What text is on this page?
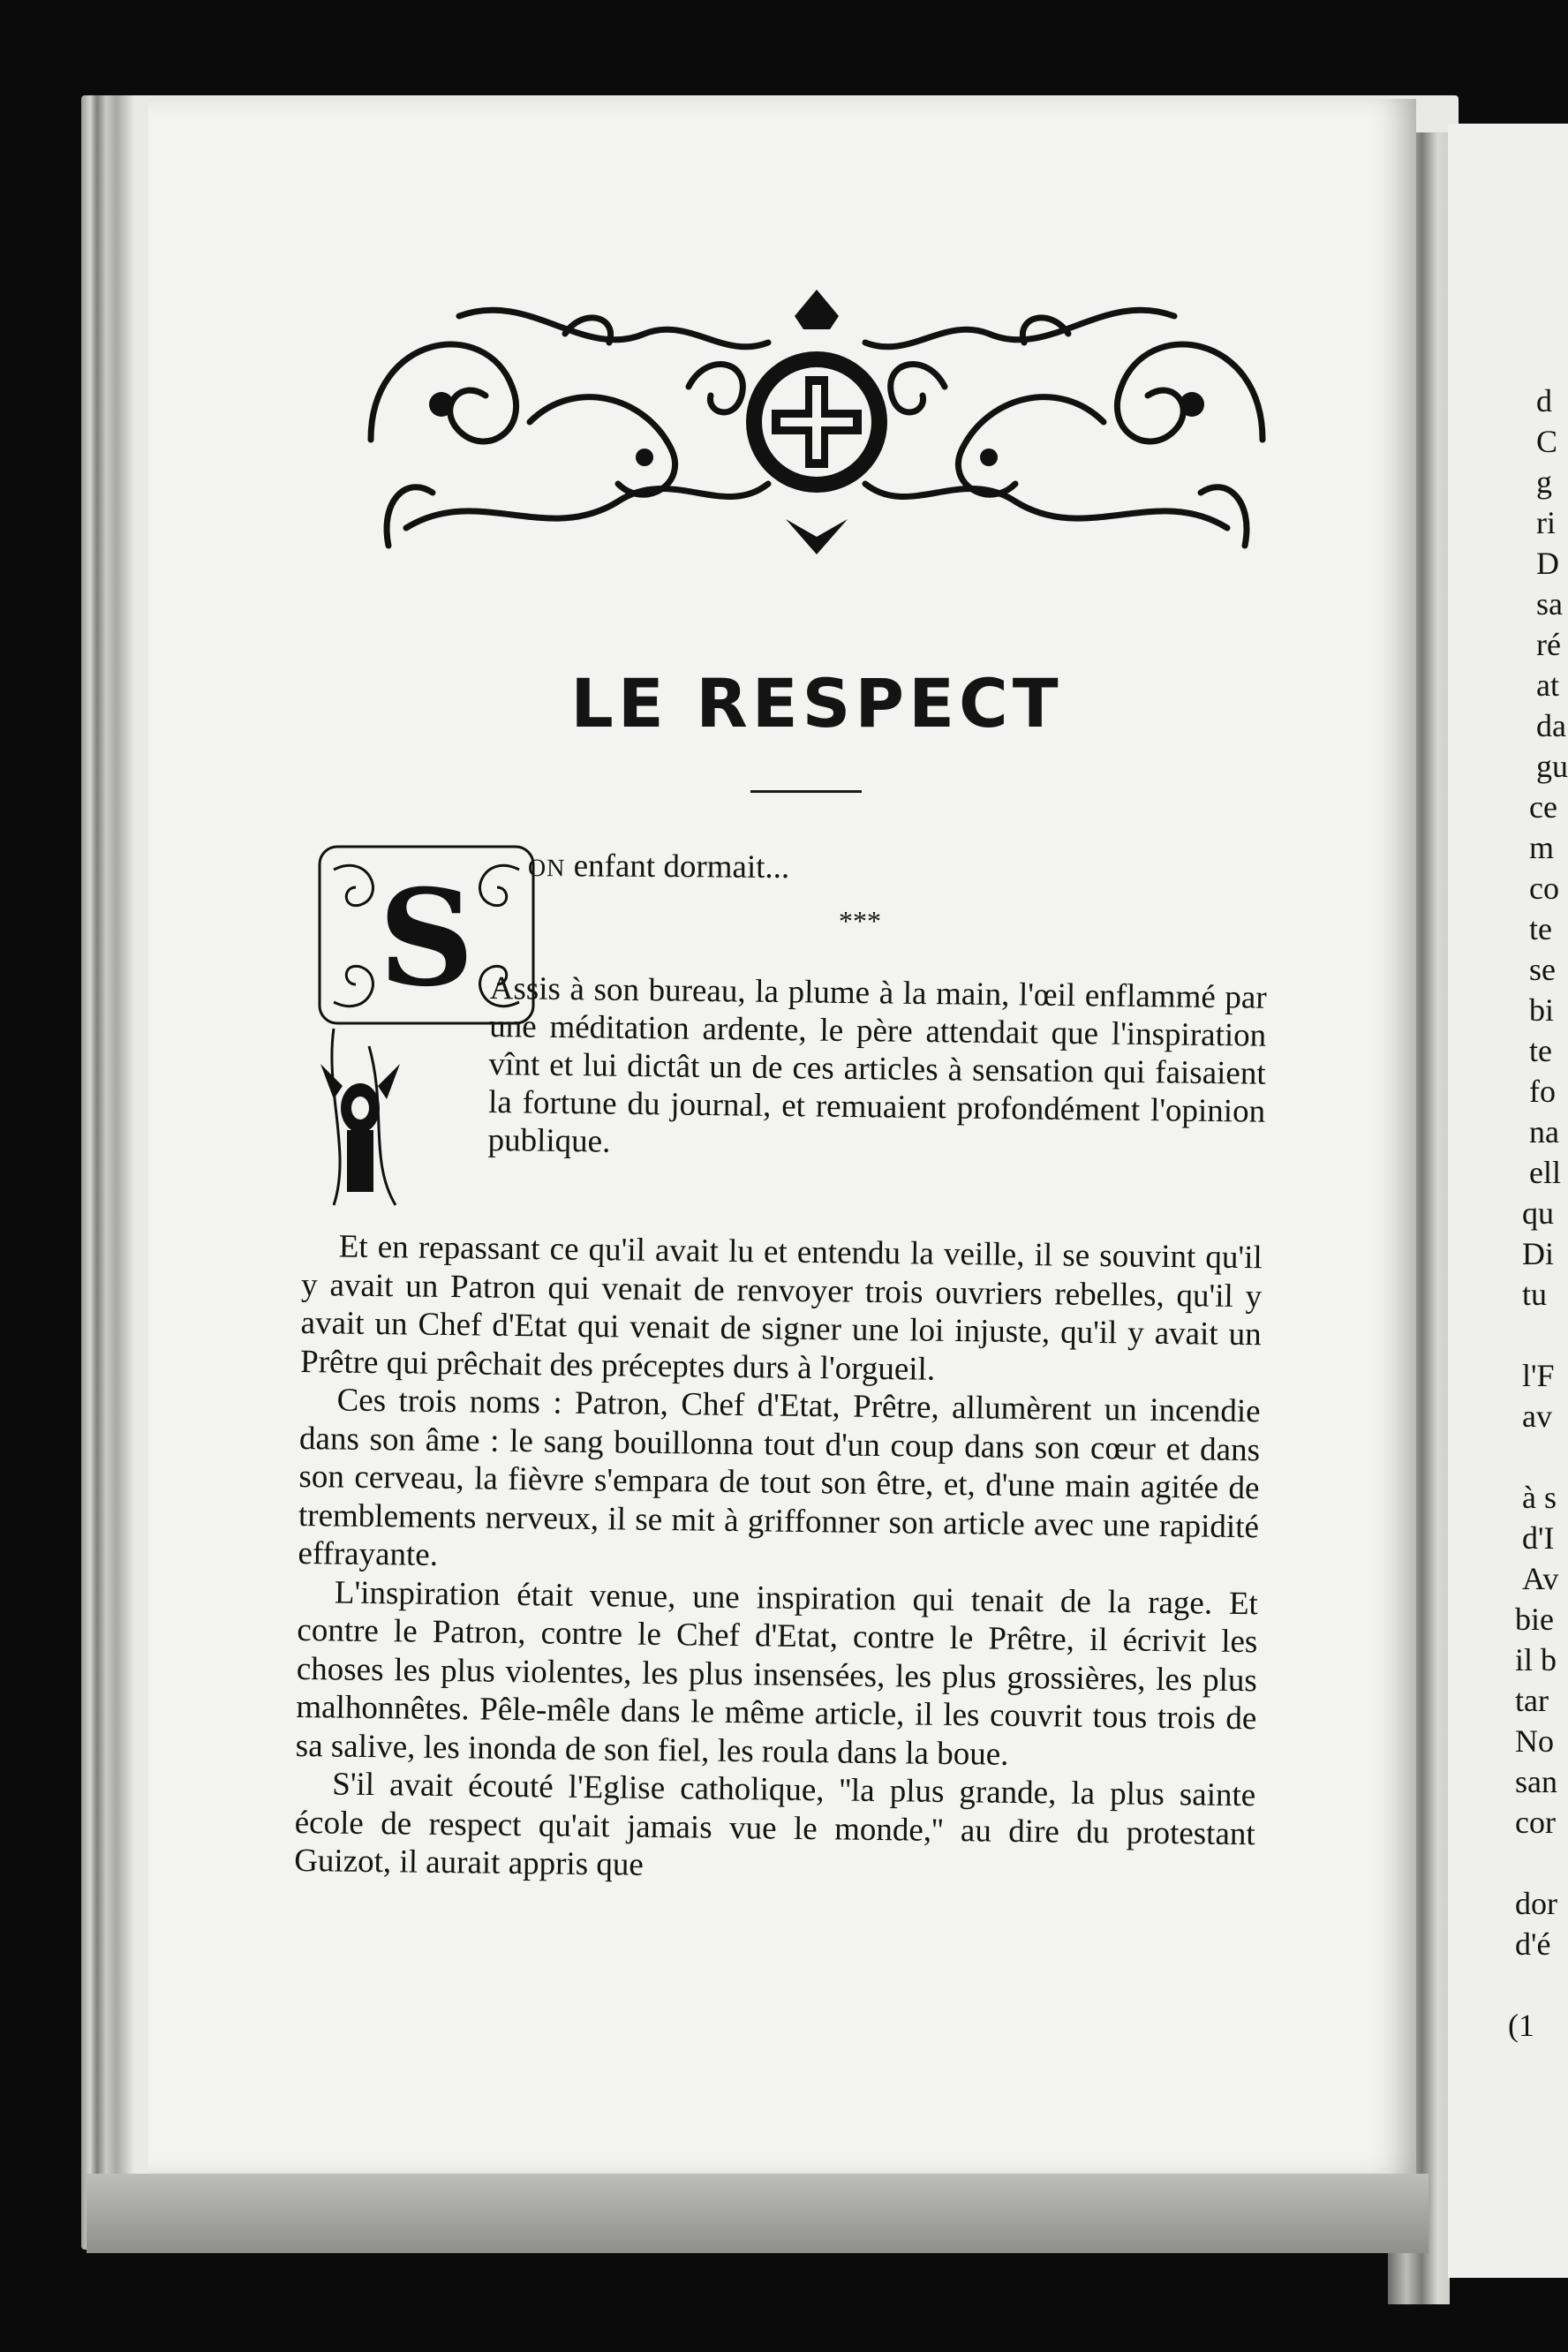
d
C
g
ri
D
sa
ré
at
da
gu
ce
m
co
te
se
bi
te
fo
na
ell
qu
Di
tu
l'F
av
à s
d'I
Av
bie
il b
tar
No
san
cor
dor
d'é
(1
LE RESPECT
S ON enfant dormait...
***

Assis à son bureau, la plume à la main, l'œil enflammé par une méditation ardente, le père attendait que l'inspiration vînt et lui dictât un de ces articles à sensation qui faisaient la fortune du journal, et remuaient profondément l'opinion publique.

Et en repassant ce qu'il avait lu et entendu la veille, il se souvint qu'il y avait un Patron qui venait de renvoyer trois ouvriers rebelles, qu'il y avait un Chef d'Etat qui venait de signer une loi injuste, qu'il y avait un Prêtre qui prêchait des préceptes durs à l'orgueil.

Ces trois noms : Patron, Chef d'Etat, Prêtre, allumèrent un incendie dans son âme : le sang bouillonna tout d'un coup dans son cœur et dans son cerveau, la fièvre s'empara de tout son être, et, d'une main agitée de tremblements nerveux, il se mit à griffonner son article avec une rapidité effrayante.

L'inspiration était venue, une inspiration qui tenait de la rage. Et contre le Patron, contre le Chef d'Etat, contre le Prêtre, il écrivit les choses les plus violentes, les plus insensées, les plus grossières, les plus malhonnêtes. Pêle-mêle dans le même article, il les couvrit tous trois de sa salive, les inonda de son fiel, les roula dans la boue.

S'il avait écouté l'Eglise catholique, ''la plus grande, la plus sainte école de respect qu'ait jamais vue le monde,'' au dire du protestant Guizot, il aurait appris que
